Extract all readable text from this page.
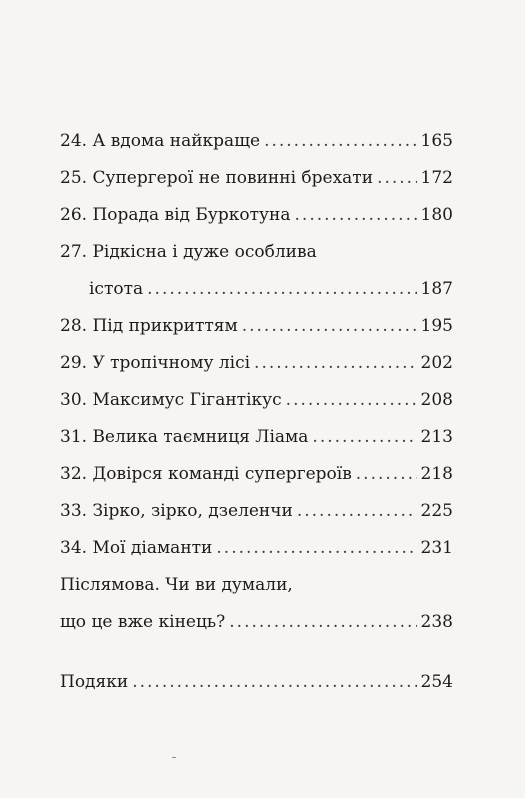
24. А вдома найкраще .....	165
25. Супергерої не повинні брехати .....	172
26. Порада від Буркотуна .....	180
27. Рідкісна і дуже особлива
істота .....	187
28. Під прикриттям .....	195
29. У тропічному лісі .....	202
30. Максимус Гігантікус .....	208
31. Велика таємниця Ліама .....	213
32. Довірся команді супергероїв .....	218
33. Зірко, зірко, дзеленчи .....	225
34. Мої діаманти .....	231
Післямова. Чи ви думали,
що це вже кінець? .....	238
Подяки .....	254
